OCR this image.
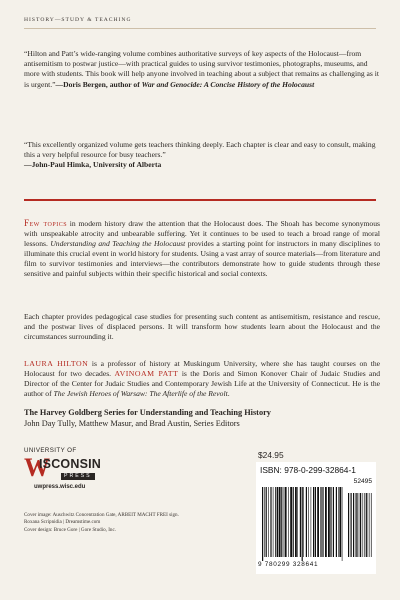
HISTORY—STUDY & TEACHING
“Hilton and Patt’s wide-ranging volume combines authoritative surveys of key aspects of the Holocaust—from antisemitism to postwar justice—with practical guides to using survivor testimonies, photographs, museums, and more with students. This book will help anyone involved in teaching about a subject that remains as challenging as it is urgent.”—Doris Bergen, author of War and Genocide: A Concise History of the Holocaust
“This excellently organized volume gets teachers thinking deeply. Each chapter is clear and easy to consult, making this a very helpful resource for busy teachers.”
—John-Paul Himka, University of Alberta
Few topics in modern history draw the attention that the Holocaust does. The Shoah has become synonymous with unspeakable atrocity and unbearable suffering. Yet it continues to be used to teach a broad range of moral lessons. Understanding and Teaching the Holocaust provides a starting point for instructors in many disciplines to illuminate this crucial event in world history for students. Using a vast array of source materials—from literature and film to survivor testimonies and interviews—the contributors demonstrate how to guide students through these sensitive and painful subjects within their specific historical and social contexts.
Each chapter provides pedagogical case studies for presenting such content as antisemitism, resistance and rescue, and the postwar lives of displaced persons. It will transform how students learn about the Holocaust and the circumstances surrounding it.
LAURA HILTON is a professor of history at Muskingum University, where she has taught courses on the Holocaust for two decades. AVINOAM PATT is the Doris and Simon Konover Chair of Judaic Studies and Director of the Center for Judaic Studies and Contemporary Jewish Life at the University of Connecticut. He is the author of The Jewish Heroes of Warsaw: The Afterlife of the Revolt.
The Harvey Goldberg Series for Understanding and Teaching History
John Day Tully, Matthew Masur, and Brad Austin, Series Editors
UNIVERSITY OF
W
ISCONSIN
PRESS
uwpress.wisc.edu
Cover image: Auschwitz Concentration Gate, ARBEIT MACHT FREI sign.
Roxana Scripnidia | Dreamstime.com
Cover design: Bruce Gore | Gore Studio, Inc.
$24.95
ISBN: 978-0-299-32864-1
52495
9 780299 328641
